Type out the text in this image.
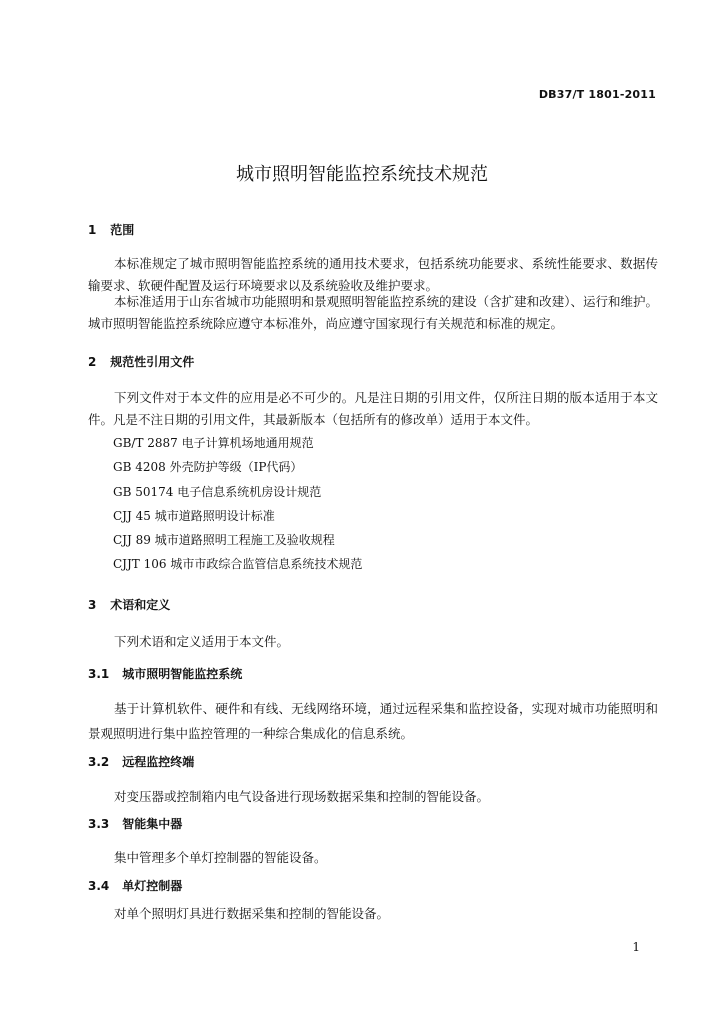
DB37/T 1801-2011
城市照明智能监控系统技术规范
1 范围
本标准规定了城市照明智能监控系统的通用技术要求，包括系统功能要求、系统性能要求、数据传输要求、软硬件配置及运行环境要求以及系统验收及维护要求。
本标准适用于山东省城市功能照明和景观照明智能监控系统的建设（含扩建和改建）、运行和维护。城市照明智能监控系统除应遵守本标准外，尚应遵守国家现行有关规范和标准的规定。
2 规范性引用文件
下列文件对于本文件的应用是必不可少的。凡是注日期的引用文件，仅所注日期的版本适用于本文件。凡是不注日期的引用文件，其最新版本（包括所有的修改单）适用于本文件。
GB/T 2887 电子计算机场地通用规范
GB 4208 外壳防护等级（IP代码）
GB 50174 电子信息系统机房设计规范
CJJ 45 城市道路照明设计标准
CJJ 89 城市道路照明工程施工及验收规程
CJJT 106 城市市政综合监管信息系统技术规范
3 术语和定义
下列术语和定义适用于本文件。
3.1 城市照明智能监控系统
基于计算机软件、硬件和有线、无线网络环境，通过远程采集和监控设备，实现对城市功能照明和景观照明进行集中监控管理的一种综合集成化的信息系统。
3.2 远程监控终端
对变压器或控制箱内电气设备进行现场数据采集和控制的智能设备。
3.3 智能集中器
集中管理多个单灯控制器的智能设备。
3.4 单灯控制器
对单个照明灯具进行数据采集和控制的智能设备。
1
